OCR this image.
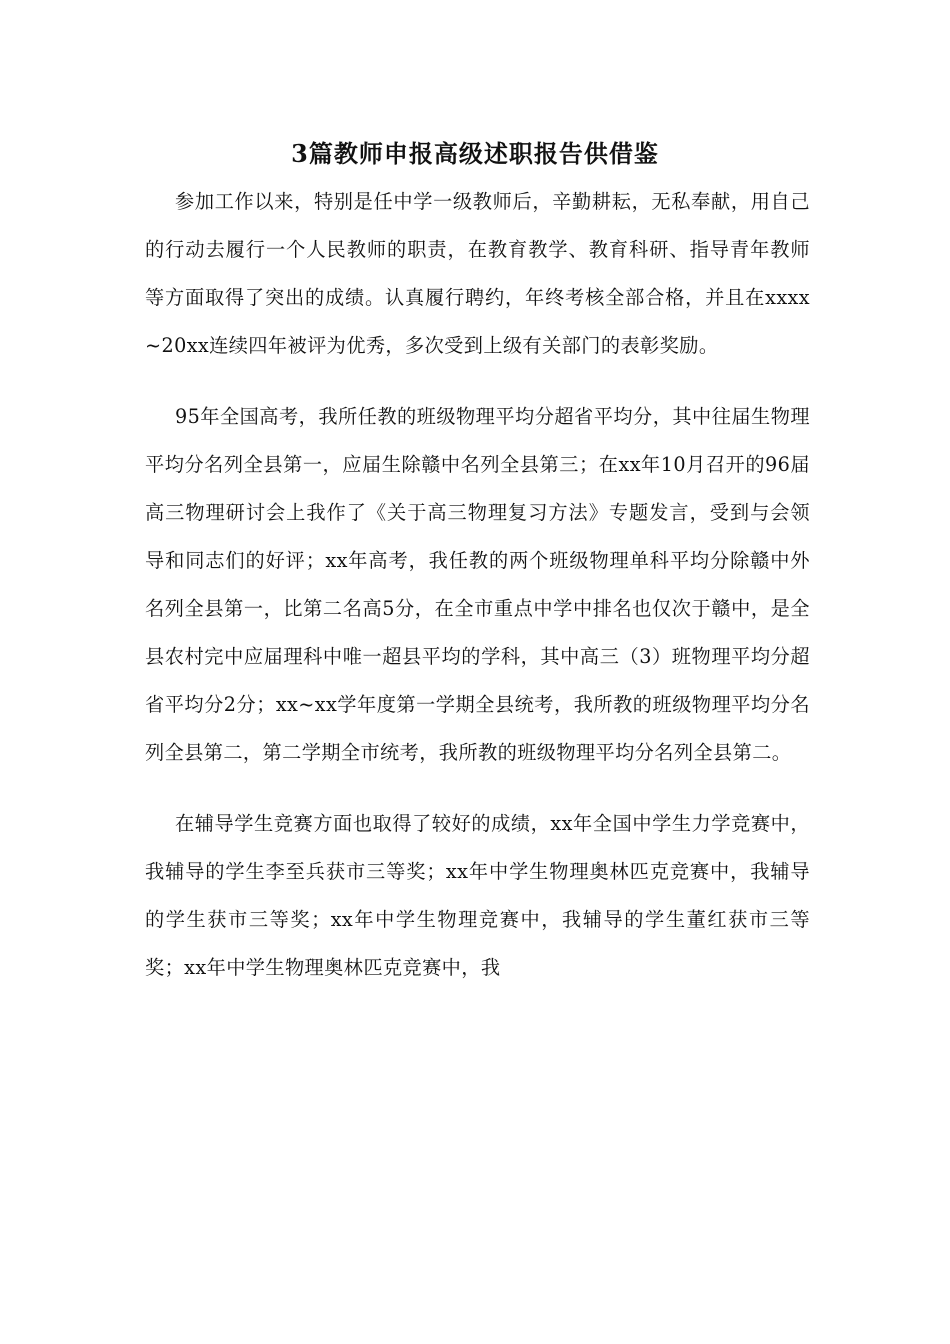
3篇教师申报高级述职报告供借鉴

参加工作以来，特别是任中学一级教师后，辛勤耕耘，无私奉献，用自己的行动去履行一个人民教师的职责，在教育教学、教育科研、指导青年教师等方面取得了突出的成绩。认真履行聘约，年终考核全部合格，并且在xxxx~20xx连续四年被评为优秀，多次受到上级有关部门的表彰奖励。

95年全国高考，我所任教的班级物理平均分超省平均分，其中往届生物理平均分名列全县第一，应届生除赣中名列全县第三；在xx年10月召开的96届高三物理研讨会上我作了《关于高三物理复习方法》专题发言，受到与会领导和同志们的好评；xx年高考，我任教的两个班级物理单科平均分除赣中外名列全县第一，比第二名高5分，在全市重点中学中排名也仅次于赣中，是全县农村完中应届理科中唯一超县平均的学科，其中高三（3）班物理平均分超省平均分2分；xx~xx学年度第一学期全县统考，我所教的班级物理平均分名列全县第二，第二学期全市统考，我所教的班级物理平均分名列全县第二。

在辅导学生竞赛方面也取得了较好的成绩，xx年全国中学生力学竞赛中，我辅导的学生李至兵获市三等奖；xx年中学生物理奥林匹克竞赛中，我辅导的学生获市三等奖；xx年中学生物理竞赛中，我辅导的学生董红获市三等奖；xx年中学生物理奥林匹克竞赛中，我
